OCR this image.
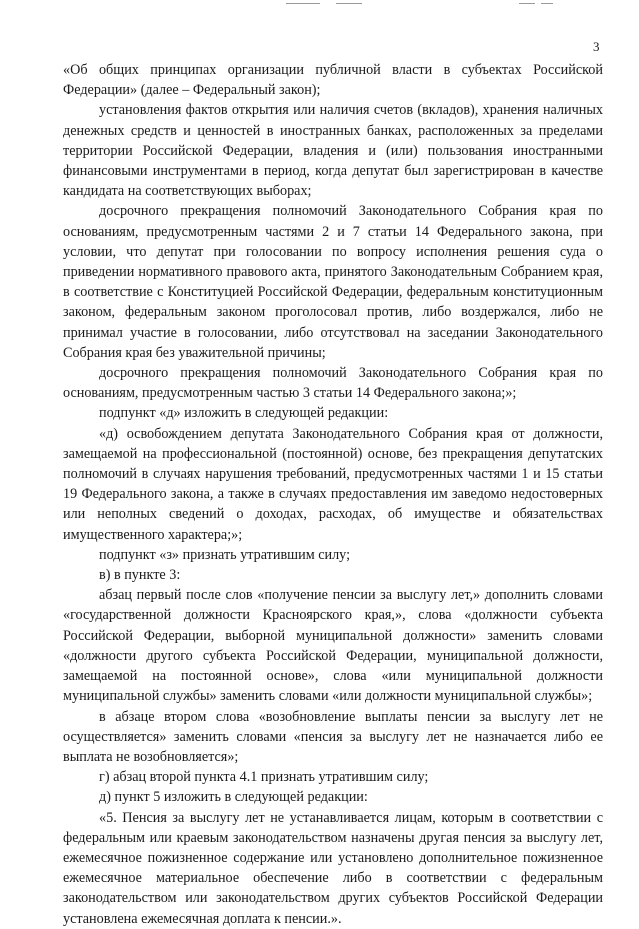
3

«Об общих принципах организации публичной власти в субъектах Российской Федерации» (далее – Федеральный закон);

установления фактов открытия или наличия счетов (вкладов), хранения наличных денежных средств и ценностей в иностранных банках, расположенных за пределами территории Российской Федерации, владения и (или) пользования иностранными финансовыми инструментами в период, когда депутат был зарегистрирован в качестве кандидата на соответствующих выборах;

досрочного прекращения полномочий Законодательного Собрания края по основаниям, предусмотренным частями 2 и 7 статьи 14 Федерального закона, при условии, что депутат при голосовании по вопросу исполнения решения суда о приведении нормативного правового акта, принятого Законодательным Собранием края, в соответствие с Конституцией Российской Федерации, федеральным конституционным законом, федеральным законом проголосовал против, либо воздержался, либо не принимал участие в голосовании, либо отсутствовал на заседании Законодательного Собрания края без уважительной причины;

досрочного прекращения полномочий Законодательного Собрания края по основаниям, предусмотренным частью 3 статьи 14 Федерального закона;»;

подпункт «д» изложить в следующей редакции:

«д) освобождением депутата Законодательного Собрания края от должности, замещаемой на профессиональной (постоянной) основе, без прекращения депутатских полномочий в случаях нарушения требований, предусмотренных частями 1 и 15 статьи 19 Федерального закона, а также в случаях предоставления им заведомо недостоверных или неполных сведений о доходах, расходах, об имуществе и обязательствах имущественного характера;»;

подпункт «з» признать утратившим силу;

в) в пункте 3:

абзац первый после слов «получение пенсии за выслугу лет,» дополнить словами «государственной должности Красноярского края,», слова «должности субъекта Российской Федерации, выборной муниципальной должности» заменить словами «должности другого субъекта Российской Федерации, муниципальной должности, замещаемой на постоянной основе», слова «или муниципальной должности муниципальной службы» заменить словами «или должности муниципальной службы»;

в абзаце втором слова «возобновление выплаты пенсии за выслугу лет не осуществляется» заменить словами «пенсия за выслугу лет не назначается либо ее выплата не возобновляется»;

г) абзац второй пункта 4.1 признать утратившим силу;

д) пункт 5 изложить в следующей редакции:

«5. Пенсия за выслугу лет не устанавливается лицам, которым в соответствии с федеральным или краевым законодательством назначены другая пенсия за выслугу лет, ежемесячное пожизненное содержание или установлено дополнительное пожизненное ежемесячное материальное обеспечение либо в соответствии с федеральным законодательством или законодательством других субъектов Российской Федерации установлена ежемесячная доплата к пенсии.».
